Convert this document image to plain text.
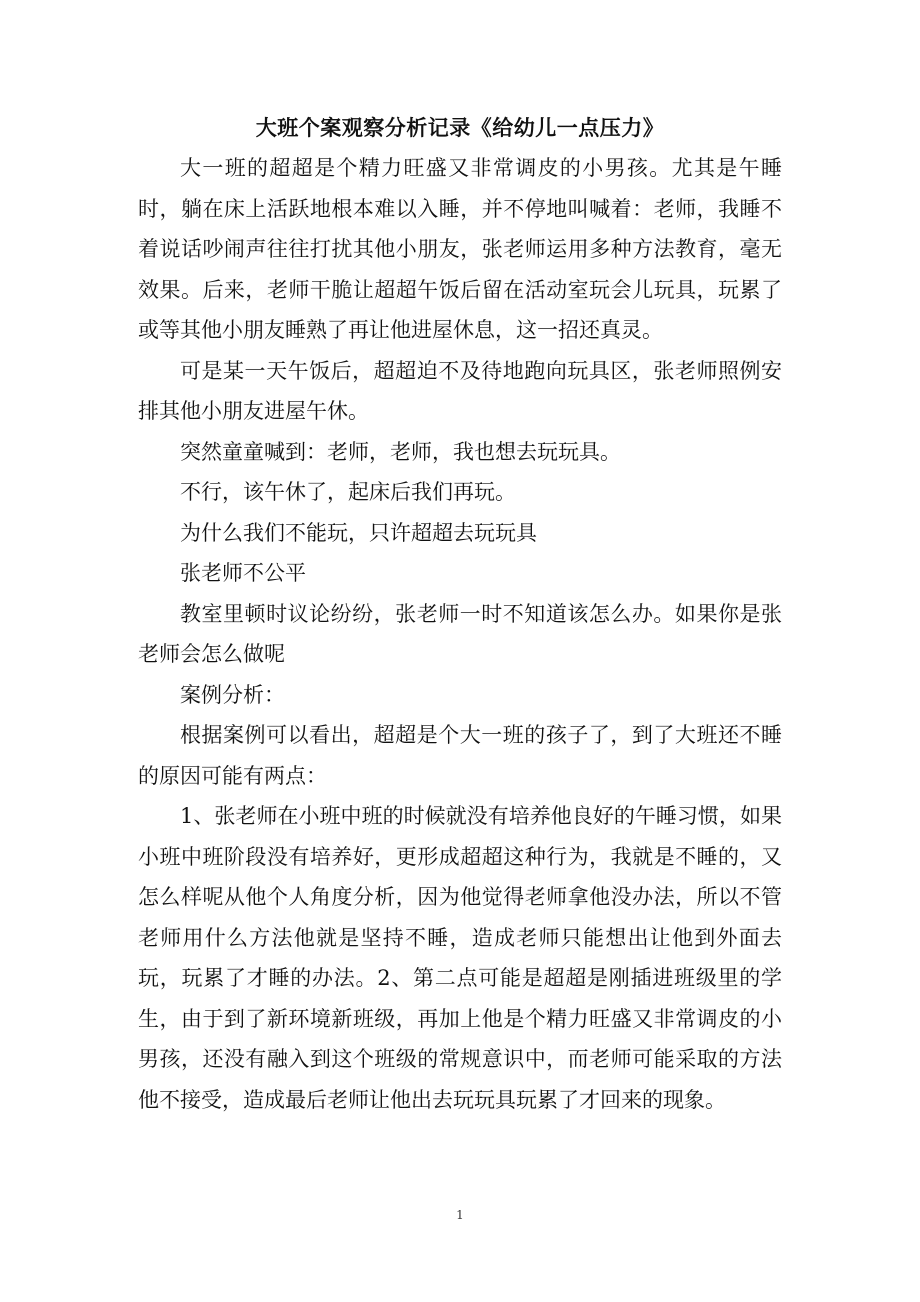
大班个案观察分析记录《给幼儿一点压力》

大一班的超超是个精力旺盛又非常调皮的小男孩。尤其是午睡时，躺在床上活跃地根本难以入睡，并不停地叫喊着：老师，我睡不着说话吵闹声往往打扰其他小朋友，张老师运用多种方法教育，毫无效果。后来，老师干脆让超超午饭后留在活动室玩会儿玩具，玩累了或等其他小朋友睡熟了再让他进屋休息，这一招还真灵。

可是某一天午饭后，超超迫不及待地跑向玩具区，张老师照例安排其他小朋友进屋午休。

突然童童喊到：老师，老师，我也想去玩玩具。

不行，该午休了，起床后我们再玩。

为什么我们不能玩，只许超超去玩玩具

张老师不公平

教室里顿时议论纷纷，张老师一时不知道该怎么办。如果你是张老师会怎么做呢

案例分析：

根据案例可以看出，超超是个大一班的孩子了，到了大班还不睡的原因可能有两点：

1、张老师在小班中班的时候就没有培养他良好的午睡习惯，如果小班中班阶段没有培养好，更形成超超这种行为，我就是不睡的，又怎么样呢从他个人角度分析，因为他觉得老师拿他没办法，所以不管老师用什么方法他就是坚持不睡，造成老师只能想出让他到外面去玩，玩累了才睡的办法。2、第二点可能是超超是刚插进班级里的学生，由于到了新环境新班级，再加上他是个精力旺盛又非常调皮的小男孩，还没有融入到这个班级的常规意识中，而老师可能采取的方法他不接受，造成最后老师让他出去玩玩具玩累了才回来的现象。

1
